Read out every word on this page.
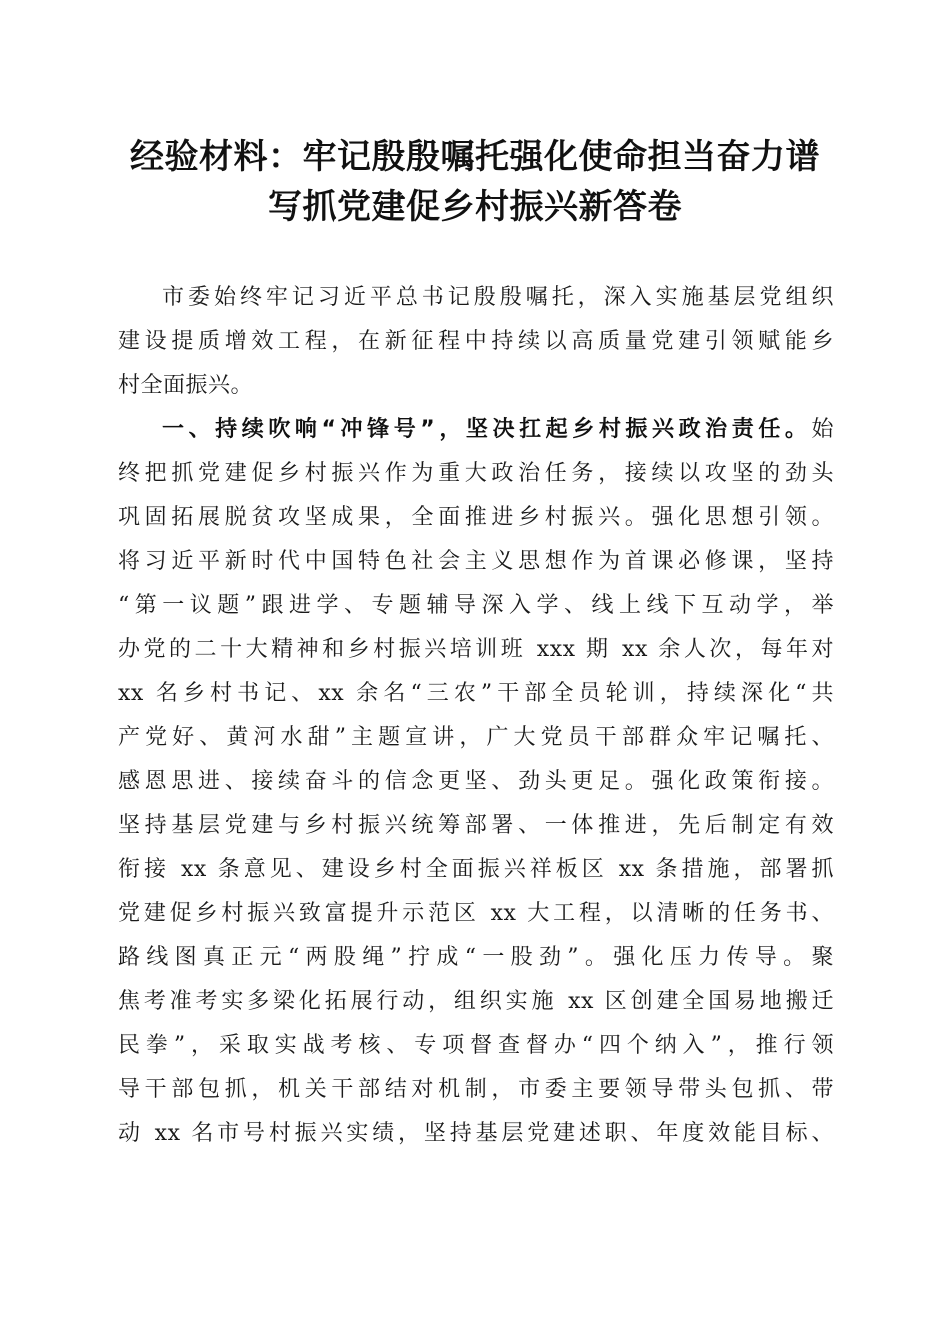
经验材料：牢记殷殷嘱托强化使命担当奋力谱
写抓党建促乡村振兴新答卷
市委始终牢记习近平总书记殷殷嘱托，深入实施基层党组织
建设提质增效工程，在新征程中持续以高质量党建引领赋能乡
村全面振兴。
一、持续吹响“冲锋号”，坚决扛起乡村振兴政治责任。始
终把抓党建促乡村振兴作为重大政治任务，接续以攻坚的劲头
巩固拓展脱贫攻坚成果，全面推进乡村振兴。强化思想引领。
将习近平新时代中国特色社会主义思想作为首课必修课，坚持
“第一议题”跟进学、专题辅导深入学、线上线下互动学，举
办党的二十大精神和乡村振兴培训班 xxx 期 xx 余人次，每年对
xx 名乡村书记、xx 余名“三农”干部全员轮训，持续深化“共
产党好、黄河水甜”主题宣讲，广大党员干部群众牢记嘱托、
感恩思进、接续奋斗的信念更坚、劲头更足。强化政策衔接。
坚持基层党建与乡村振兴统筹部署、一体推进，先后制定有效
衔接 xx 条意见、建设乡村全面振兴祥板区 xx 条措施，部署抓
党建促乡村振兴致富提升示范区 xx 大工程，以清晰的任务书、
路线图真正元“两股绳”拧成“一股劲”。强化压力传导。聚
焦考准考实多梁化拓展行动，组织实施 xx 区创建全国易地搬迁
民拳”，采取实战考核、专项督查督办“四个纳入”，推行领
导干部包抓，机关干部结对机制，市委主要领导带头包抓、带
动 xx 名市号村振兴实绩，坚持基层党建述职、年度效能目标、
